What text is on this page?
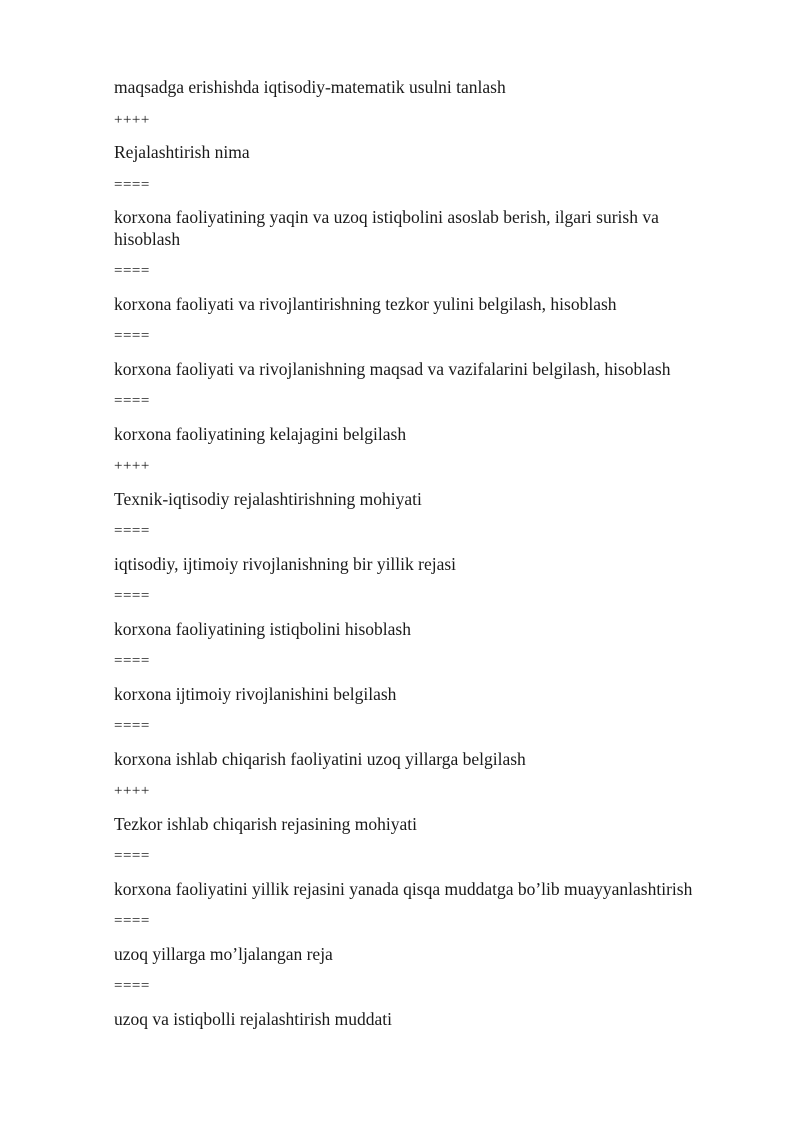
maqsadga erishishda iqtisodiy-matematik usulni tanlash
++++
Rejalashtirish nima
====
korxona faoliyatining yaqin va uzoq istiqbolini asoslab berish, ilgari surish va hisoblash
====
korxona faoliyati va rivojlantirishning tezkor yulini belgilash, hisoblash
====
korxona faoliyati va rivojlanishning maqsad va vazifalarini belgilash, hisoblash
====
korxona faoliyatining kelajagini belgilash
++++
Texnik-iqtisodiy rejalashtirishning mohiyati
====
iqtisodiy, ijtimoiy rivojlanishning bir yillik rejasi
====
korxona faoliyatining istiqbolini hisoblash
====
korxona ijtimoiy rivojlanishini belgilash
====
korxona ishlab chiqarish faoliyatini uzoq yillarga belgilash
++++
Tezkor ishlab chiqarish rejasining mohiyati
====
korxona faoliyatini yillik rejasini yanada qisqa muddatga bo’lib muayyanlashtirish
====
uzoq yillarga mo’ljalangan reja
====
uzoq va istiqbolli rejalashtirish muddati
